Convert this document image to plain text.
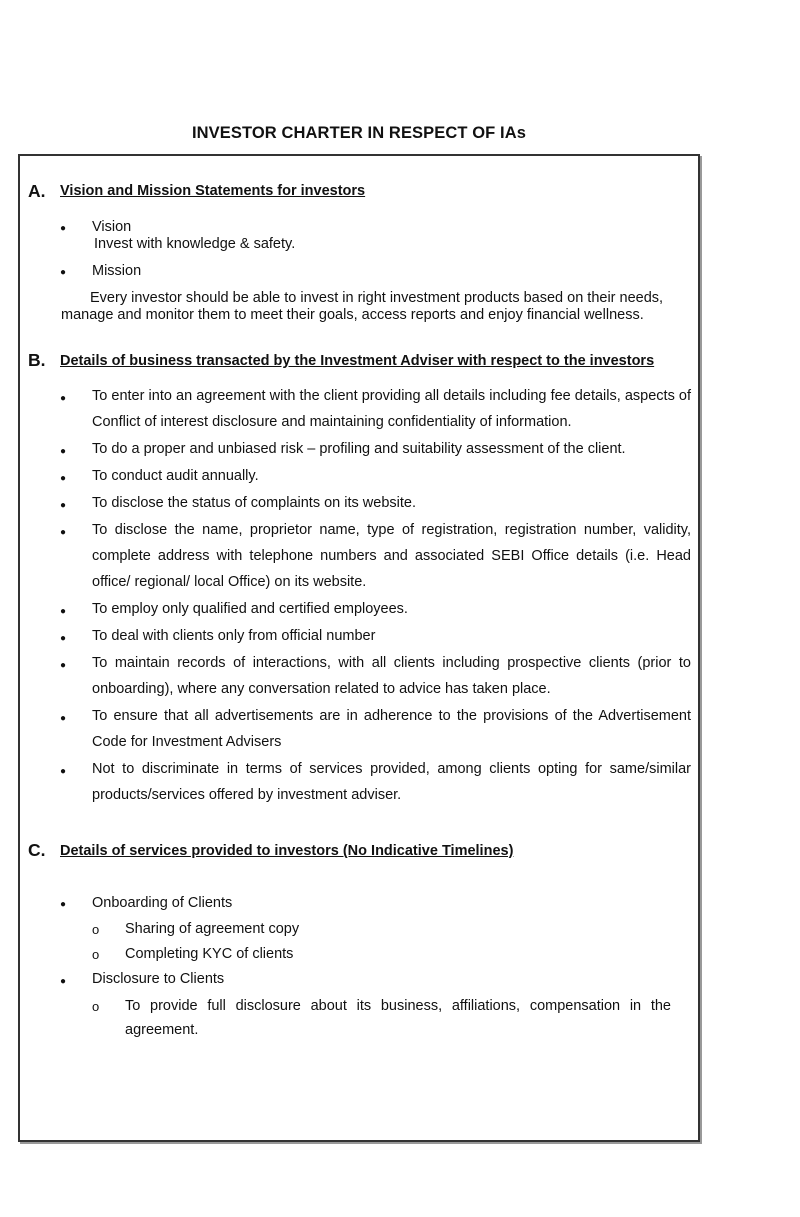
INVESTOR CHARTER IN RESPECT OF IAs
A. Vision and Mission Statements for investors
● Vision
Invest with knowledge & safety.
● Mission
Every investor should be able to invest in right investment products based on their needs,
manage and monitor them to meet their goals, access reports and enjoy financial wellness.
B. Details of business transacted by the Investment Adviser with respect to the investors
● To enter into an agreement with the client providing all details including fee details, aspects of Conflict of interest disclosure and maintaining confidentiality of information.
● To do a proper and unbiased risk – profiling and suitability assessment of the client.
● To conduct audit annually.
● To disclose the status of complaints on its website.
● To disclose the name, proprietor name, type of registration, registration number, validity, complete address with telephone numbers and associated SEBI Office details (i.e. Head office/ regional/ local Office) on its website.
● To employ only qualified and certified employees.
● To deal with clients only from official number
● To maintain records of interactions, with all clients including prospective clients (prior to onboarding), where any conversation related to advice has taken place.
● To ensure that all advertisements are in adherence to the provisions of the Advertisement Code for Investment Advisers
● Not to discriminate in terms of services provided, among clients opting for same/similar products/services offered by investment adviser.
C. Details of services provided to investors (No Indicative Timelines)
● Onboarding of Clients
o Sharing of agreement copy
o Completing KYC of clients
● Disclosure to Clients
o To provide full disclosure about its business, affiliations, compensation in the agreement.
